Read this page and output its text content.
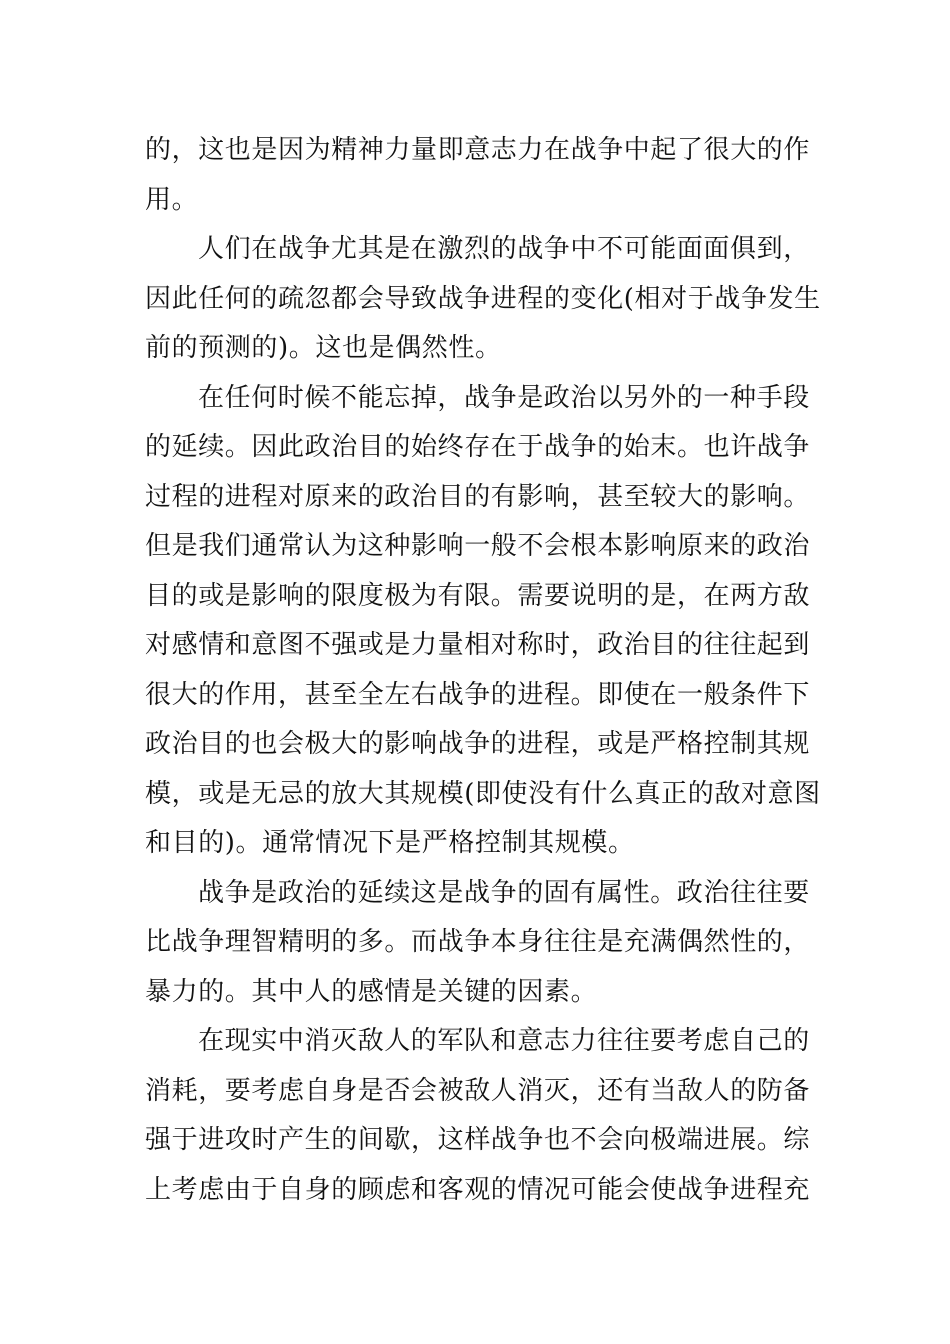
的，这也是因为精神力量即意志力在战争中起了很大的作
用。
人们在战争尤其是在激烈的战争中不可能面面俱到，
因此任何的疏忽都会导致战争进程的变化(相对于战争发生
前的预测的)。这也是偶然性。
在任何时候不能忘掉，战争是政治以另外的一种手段
的延续。因此政治目的始终存在于战争的始末。也许战争
过程的进程对原来的政治目的有影响，甚至较大的影响。
但是我们通常认为这种影响一般不会根本影响原来的政治
目的或是影响的限度极为有限。需要说明的是，在两方敌
对感情和意图不强或是力量相对称时，政治目的往往起到
很大的作用，甚至全左右战争的进程。即使在一般条件下
政治目的也会极大的影响战争的进程，或是严格控制其规
模，或是无忌的放大其规模(即使没有什么真正的敌对意图
和目的)。通常情况下是严格控制其规模。
战争是政治的延续这是战争的固有属性。政治往往要
比战争理智精明的多。而战争本身往往是充满偶然性的，
暴力的。其中人的感情是关键的因素。
在现实中消灭敌人的军队和意志力往往要考虑自己的
消耗，要考虑自身是否会被敌人消灭，还有当敌人的防备
强于进攻时产生的间歇，这样战争也不会向极端进展。综
上考虑由于自身的顾虑和客观的情况可能会使战争进程充
